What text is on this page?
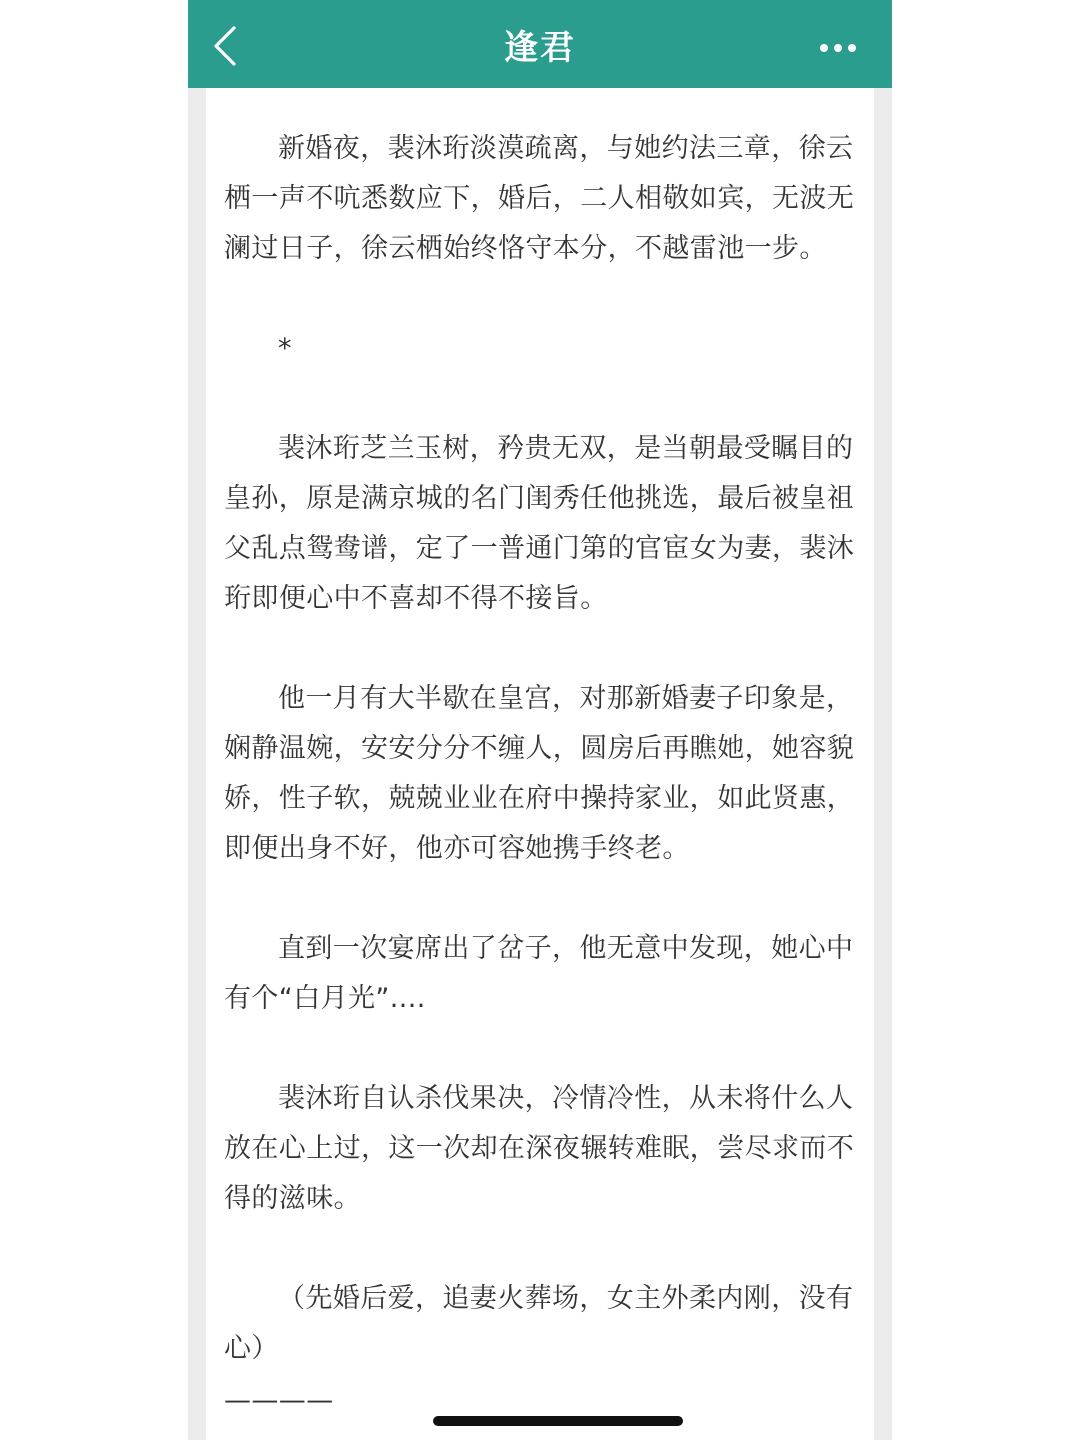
逢君

新婚夜，裴沐珩淡漠疏离，与她约法三章，徐云栖一声不吭悉数应下，婚后，二人相敬如宾，无波无澜过日子，徐云栖始终恪守本分，不越雷池一步。

*

裴沐珩芝兰玉树，矜贵无双，是当朝最受瞩目的皇孙，原是满京城的名门闺秀任他挑选，最后被皇祖父乱点鸳鸯谱，定了一普通门第的官宦女为妻，裴沐珩即便心中不喜却不得不接旨。

他一月有大半歇在皇宫，对那新婚妻子印象是，娴静温婉，安安分分不缠人，圆房后再瞧她，她容貌娇，性子软，兢兢业业在府中操持家业，如此贤惠，即便出身不好，他亦可容她携手终老。

直到一次宴席出了岔子，他无意中发现，她心中有个“白月光”....

裴沐珩自认杀伐果决，冷情冷性，从未将什么人放在心上过，这一次却在深夜辗转难眠，尝尽求而不得的滋味。

（先婚后爱，追妻火葬场，女主外柔内刚，没有心）

————
